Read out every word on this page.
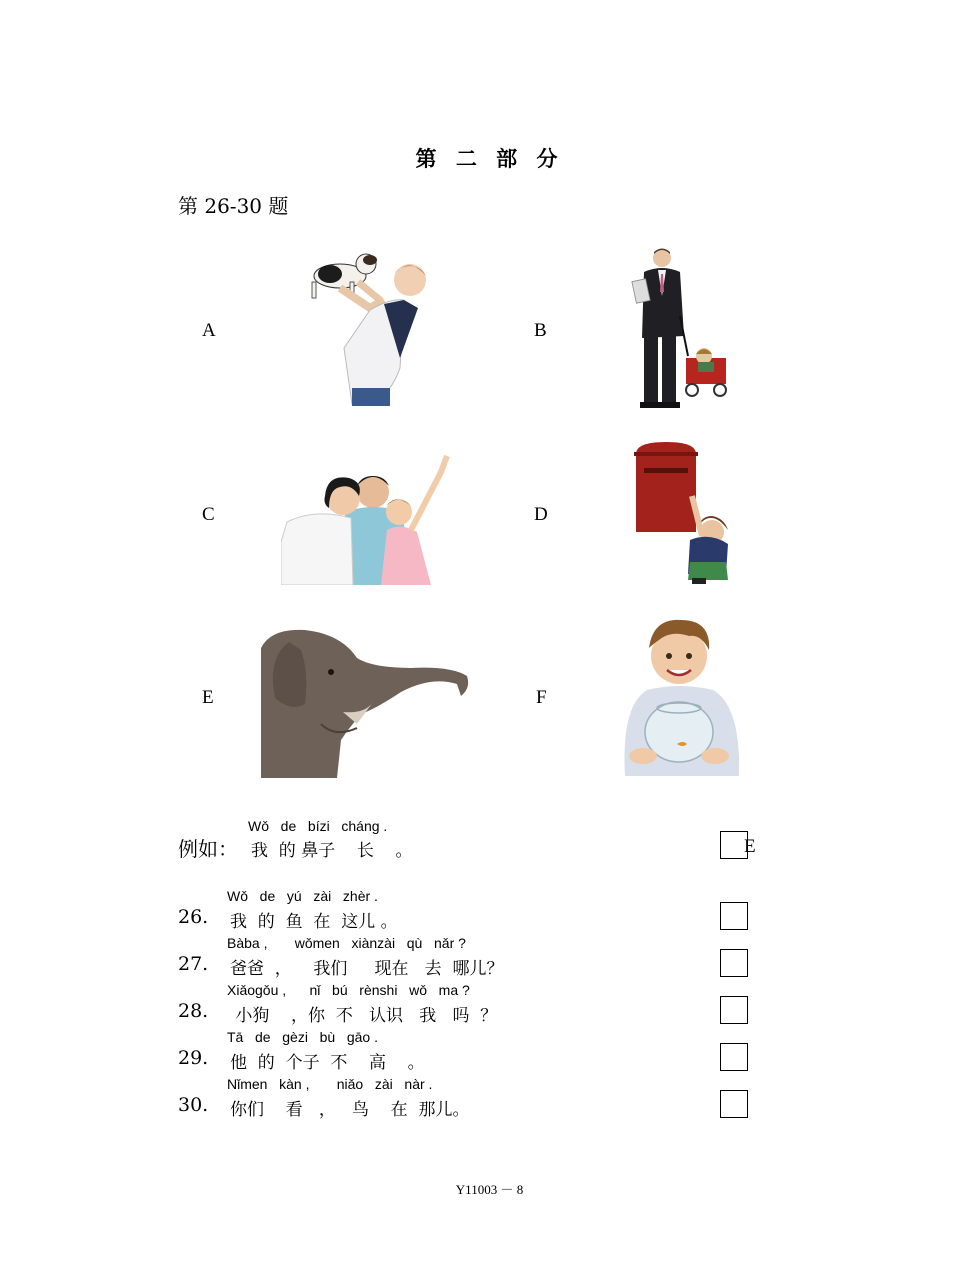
第 二 部 分
第 26-30 题
A	B
C	D
E	F
例如：
Wǒ   de   bízi   cháng .
我  的 鼻子    长    。	E
26.
Wǒ   de   yú   zài   zhèr .
我  的  鱼  在  这儿 。
27.
Bàba ,       wǒmen   xiànzài   qù   nǎr ?
爸爸  ，    我们     现在   去  哪儿？
28.
Xiǎogǒu ,      nǐ   bú   rènshi   wǒ   ma ?
小狗    ，你  不   认识   我   吗  ？
29.
Tā   de   gèzi   bù   gāo .
他  的  个子  不    高    。
30.
Nǐmen   kàn ,       niǎo   zài   nàr .
你们    看   ，   鸟    在  那儿。
Y11003 － 8
